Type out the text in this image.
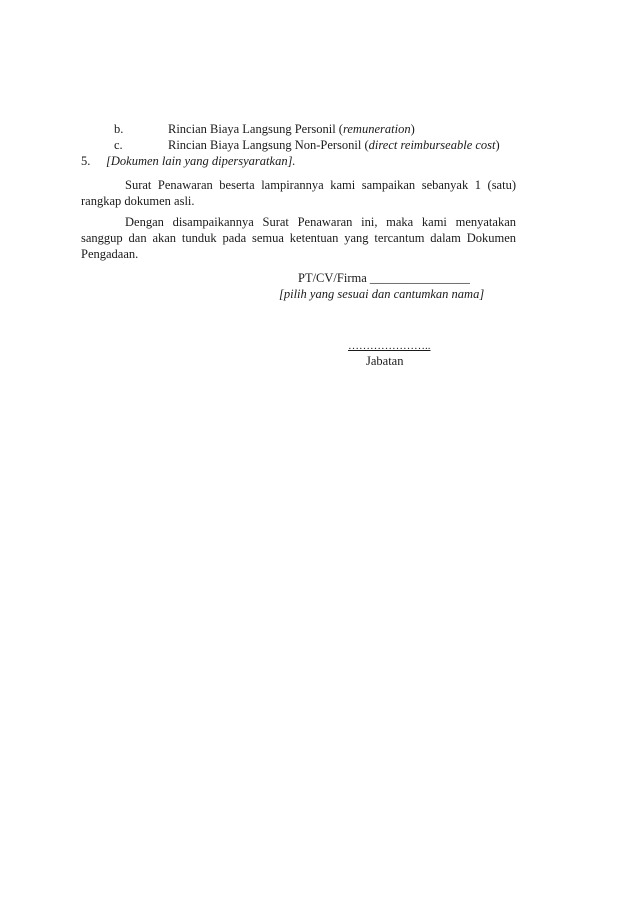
b.	Rincian Biaya Langsung Personil (remuneration)
c.	Rincian Biaya Langsung Non-Personil (direct reimburseable cost)
5. [Dokumen lain yang dipersyaratkan].
Surat Penawaran beserta lampirannya kami sampaikan sebanyak 1 (satu) rangkap dokumen asli.
Dengan disampaikannya Surat Penawaran ini, maka kami menyatakan sanggup dan akan tunduk pada semua ketentuan yang tercantum dalam Dokumen Pengadaan.
PT/CV/Firma ________________
[pilih yang sesuai dan cantumkan nama]
…………………..
Jabatan
